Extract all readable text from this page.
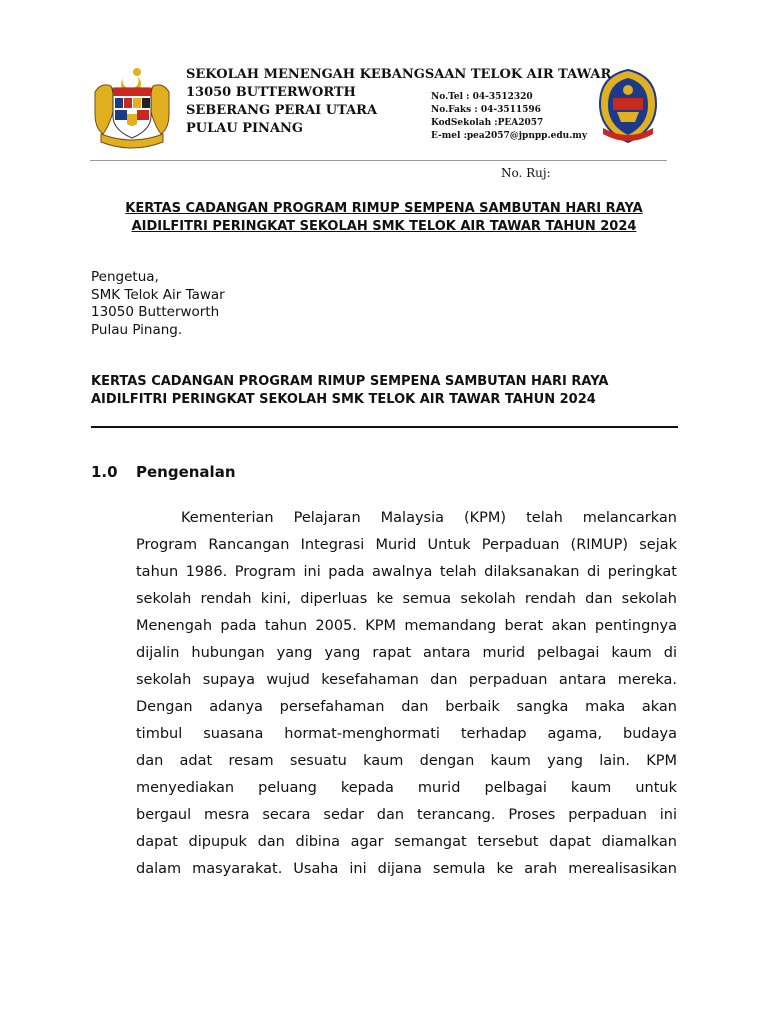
SEKOLAH MENENGAH KEBANGSAAN TELOK AIR TAWAR
13050 BUTTERWORTH
SEBERANG PERAI UTARA
PULAU PINANG
No.Tel : 04-3512320
No.Faks : 04-3511596
KodSekolah :PEA2057
E-mel :pea2057@jpnpp.edu.my
No. Ruj:
KERTAS CADANGAN PROGRAM RIMUP SEMPENA SAMBUTAN HARI RAYA
AIDILFITRI PERINGKAT SEKOLAH SMK TELOK AIR TAWAR TAHUN 2024
Pengetua,
SMK Telok Air Tawar
13050 Butterworth
Pulau Pinang.
KERTAS CADANGAN PROGRAM RIMUP SEMPENA SAMBUTAN HARI RAYA
AIDILFITRI PERINGKAT SEKOLAH SMK TELOK AIR TAWAR TAHUN 2024
1.0 Pengenalan
Kementerian Pelajaran Malaysia (KPM) telah melancarkan
Program Rancangan Integrasi Murid Untuk Perpaduan (RIMUP) sejak
tahun 1986. Program ini pada awalnya telah dilaksanakan di peringkat
sekolah rendah kini, diperluas ke semua sekolah rendah dan sekolah
Menengah pada tahun 2005. KPM memandang berat akan pentingnya
dijalin hubungan yang yang rapat antara murid pelbagai kaum di
sekolah supaya wujud kesefahaman dan perpaduan antara mereka.
Dengan adanya persefahaman dan berbaik sangka maka akan
timbul suasana hormat-menghormati terhadap agama, budaya
dan adat resam sesuatu kaum dengan kaum yang lain. KPM
menyediakan peluang kepada murid pelbagai kaum untuk
bergaul mesra secara sedar dan terancang. Proses perpaduan ini
dapat dipupuk dan dibina agar semangat tersebut dapat diamalkan
dalam masyarakat. Usaha ini dijana semula ke arah merealisasikan
